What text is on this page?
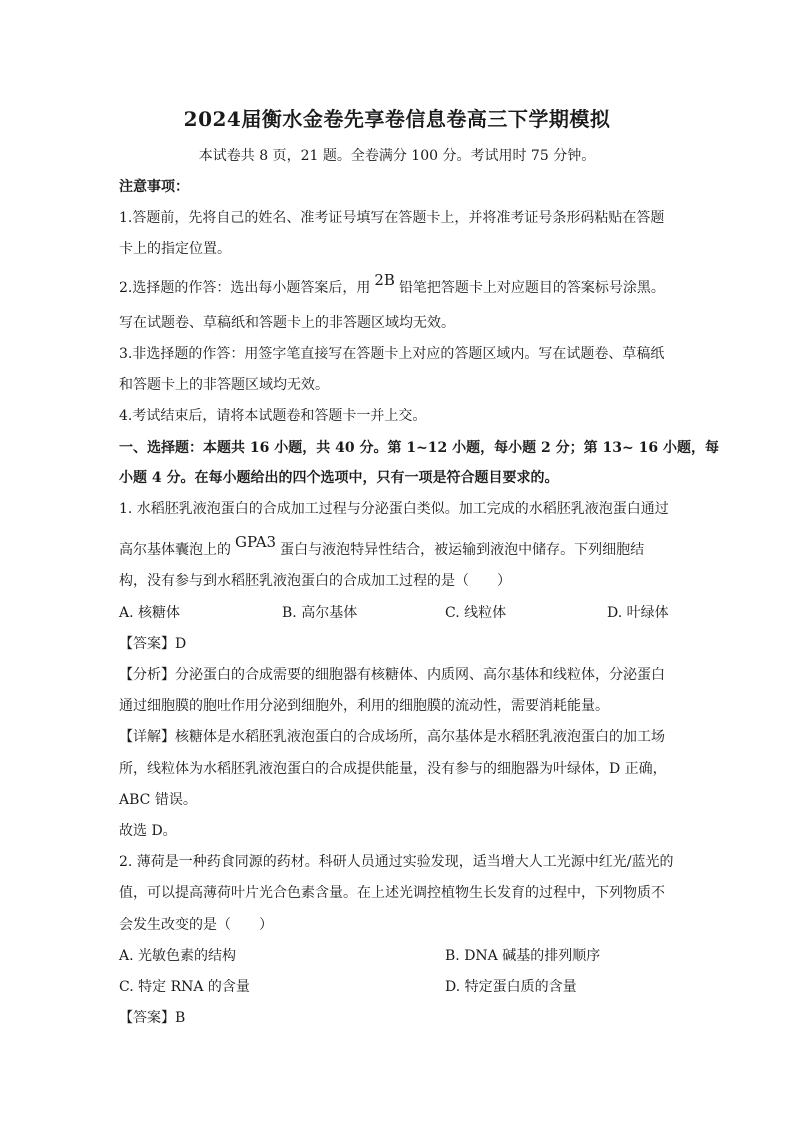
2024届衡水金卷先享卷信息卷高三下学期模拟
本试卷共 8 页，21 题。全卷满分 100 分。考试用时 75 分钟。
注意事项：
1.答题前，先将自己的姓名、准考证号填写在答题卡上，并将准考证号条形码粘贴在答题
卡上的指定位置。
2.选择题的作答：选出每小题答案后，用 2B 铅笔把答题卡上对应题目的答案标号涂黑。
写在试题卷、草稿纸和答题卡上的非答题区域均无效。
3.非选择题的作答：用签字笔直接写在答题卡上对应的答题区域内。写在试题卷、草稿纸
和答题卡上的非答题区域均无效。
4.考试结束后，请将本试题卷和答题卡一并上交。
一、选择题：本题共 16 小题，共 40 分。第 1~12 小题，每小题 2 分；第 13~ 16 小题，每
小题 4 分。在每小题给出的四个选项中，只有一项是符合题目要求的。
1. 水稻胚乳液泡蛋白的合成加工过程与分泌蛋白类似。加工完成的水稻胚乳液泡蛋白通过
高尔基体囊泡上的 GPA3 蛋白与液泡特异性结合，被运输到液泡中储存。下列细胞结
构，没有参与到水稻胚乳液泡蛋白的合成加工过程的是（　　）
A. 核糖体	B. 高尔基体	C. 线粒体	D. 叶绿体
【答案】D
【分析】分泌蛋白的合成需要的细胞器有核糖体、内质网、高尔基体和线粒体，分泌蛋白
通过细胞膜的胞吐作用分泌到细胞外，利用的细胞膜的流动性，需要消耗能量。
【详解】核糖体是水稻胚乳液泡蛋白的合成场所，高尔基体是水稻胚乳液泡蛋白的加工场
所，线粒体为水稻胚乳液泡蛋白的合成提供能量，没有参与的细胞器为叶绿体，D 正确，
ABC 错误。
故选 D。
2. 薄荷是一种药食同源的药材。科研人员通过实验发现，适当增大人工光源中红光/蓝光的
值，可以提高薄荷叶片光合色素含量。在上述光调控植物生长发育的过程中，下列物质不
会发生改变的是（　　）
A. 光敏色素的结构	B. DNA 碱基的排列顺序
C. 特定 RNA 的含量	D. 特定蛋白质的含量
【答案】B
